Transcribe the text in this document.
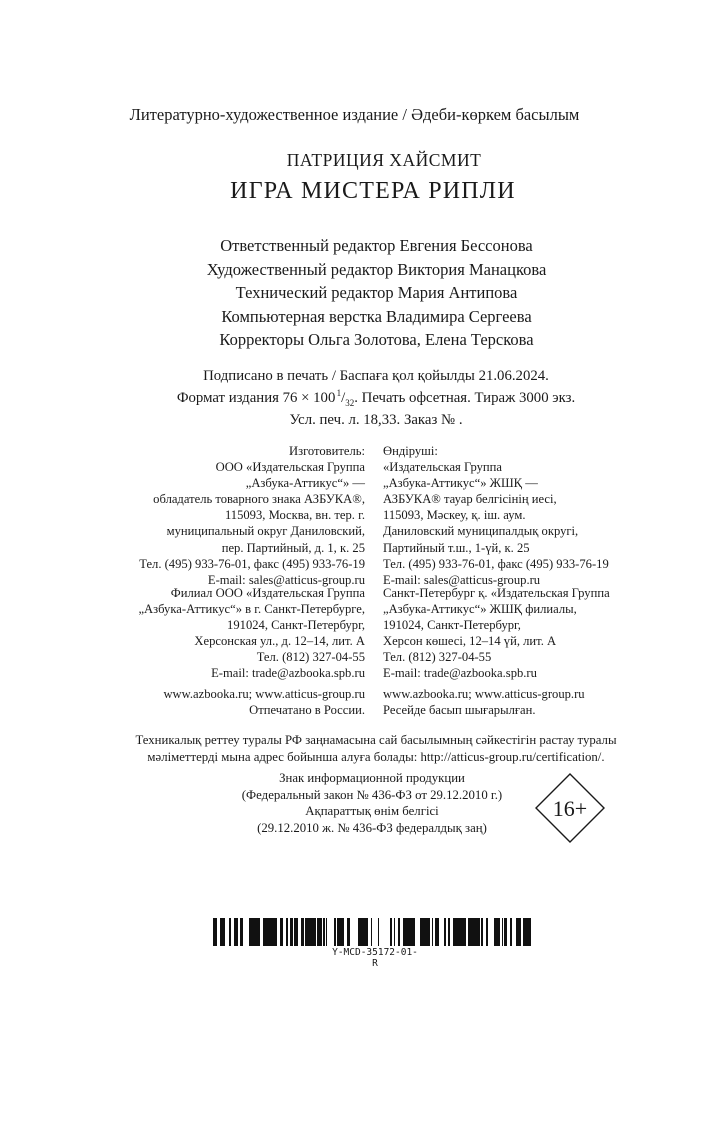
Литературно-художественное издание / Әдеби-көркем басылым
ПАТРИЦИЯ ХАЙСМИТ
ИГРА МИСТЕРА РИПЛИ
Ответственный редактор Евгения Бессонова
Художественный редактор Виктория Манацкова
Технический редактор Мария Антипова
Компьютерная верстка Владимира Сергеева
Корректоры Ольга Золотова, Елена Терскова
Подписано в печать / Баспаға қол қойылды 21.06.2024.
Формат издания 76 × 100 $^1/_{32}$. Печать офсетная. Тираж 3000 экз.
Усл. печ. л. 18,33. Заказ № .
Изготовитель:
ООО «Издательская Группа
„Азбука-Аттикус“» —
обладатель товарного знака АЗБУКА®,
115093, Москва, вн. тер. г.
муниципальный округ Даниловский,
пер. Партийный, д. 1, к. 25
Тел. (495) 933-76-01, факс (495) 933-76-19
E-mail: sales@atticus-group.ru
Өндіруші:
«Издательская Группа
„Азбука-Аттикус“» ЖШҚ —
АЗБУКА® тауар белгісінің иесі,
115093, Мәскеу, қ. іш. аум.
Даниловский муниципалдық округі,
Партийный т.ш., 1-үй, к. 25
Тел. (495) 933-76-01, факс (495) 933-76-19
E-mail: sales@atticus-group.ru
Филиал ООО «Издательская Группа
„Азбука-Аттикус“» в г. Санкт-Петербурге,
191024, Санкт-Петербург,
Херсонская ул., д. 12–14, лит. А
Тел. (812) 327-04-55
E-mail: trade@azbooka.spb.ru
Санкт-Петербург қ. «Издательская Группа
„Азбука-Аттикус“» ЖШҚ филиалы,
191024, Санкт-Петербург,
Херсон көшесі, 12–14 үй, лит. А
Тел. (812) 327-04-55
E-mail: trade@azbooka.spb.ru
www.azbooka.ru; www.atticus-group.ru
Отпечатано в России.
www.azbooka.ru; www.atticus-group.ru
Ресейде басып шығарылған.
Техникалық реттеу туралы РФ заңнамасына сай басылымның сәйкестігін растау туралы
мәліметтерді мына адрес бойынша алуға болады: http://atticus-group.ru/certification/.
Знак информационной продукции
(Федеральный закон № 436-ФЗ от 29.12.2010 г.)
Ақпараттық өнім белгісі
(29.12.2010 ж. № 436-ФЗ федералдық заң)
16+
Y-MCD-35172-01-R
